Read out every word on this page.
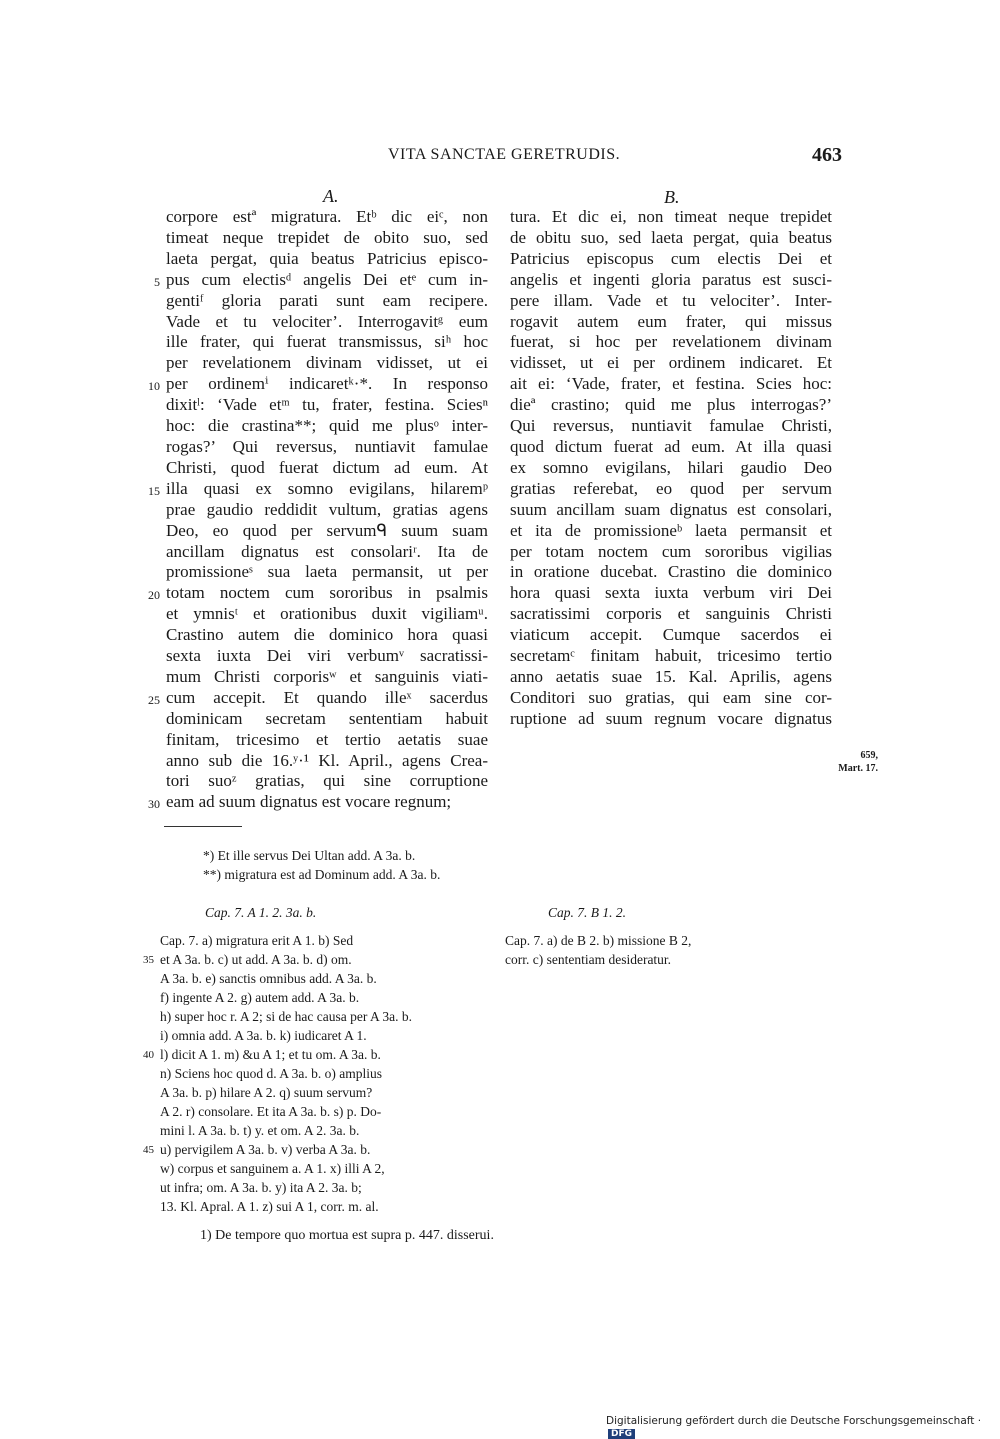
VITA SANCTAE GERETRUDIS.	463
A.	B.
corpore estª migratura. Etᵇ dic eiᶜ, non
timeat neque trepidet de obito suo, sed
laeta pergat, quia beatus Patricius episco-
5 pus cum electisᵈ angelis Dei etᵉ cum in-
gentiᶠ gloria parati sunt eam recipere.
Vade et tu velociter’. Interrogavitᵍ eum
ille frater, qui fuerat transmissus, siʰ hoc
per revelationem divinam vidisset, ut ei
10 per ordinemⁱ indicaretᵏ·*. In responso
dixitˡ: ‘Vade etᵐ tu, frater, festina. Sciesⁿ
hoc: die crastina**; quid me plusᵒ inter-
rogas?’ Qui reversus, nuntiavit famulae
Christi, quod fuerat dictum ad eum. At
15 illa quasi ex somno evigilans, hilaremᵖ
prae gaudio reddidit vultum, gratias agens
Deo, eo quod per servumᑫ suum suam
ancillam dignatus est consolariʳ. Ita de
promissioneˢ sua laeta permansit, ut per
20 totam noctem cum sororibus in psalmis
et ymnisᵗ et orationibus duxit vigiliamᵘ.
Crastino autem die dominico hora quasi
sexta iuxta Dei viri verbumᵛ sacratissi-
mum Christi corporisʷ et sanguinis viati-
25 cum accepit. Et quando illeˣ sacerdus
dominicam secretam sententiam habuit
finitam, tricesimo et tertio aetatis suae
anno sub die 16.ʸ·¹ Kl. April., agens Crea-
tori suoᶻ gratias, qui sine corruptione
30 eam ad suum dignatus est vocare regnum;
tura. Et dic ei, non timeat neque trepidet
de obitu suo, sed laeta pergat, quia beatus
Patricius episcopus cum electis Dei et
angelis et ingenti gloria paratus est susci-
pere illam. Vade et tu velociter’. Inter-
rogavit autem eum frater, qui missus
fuerat, si hoc per revelationem divinam
vidisset, ut ei per ordinem indicaret. Et
ait ei: ‘Vade, frater, et festina. Scies hoc:
dieª crastino; quid me plus interrogas?’
Qui reversus, nuntiavit famulae Christi,
quod dictum fuerat ad eum. At illa quasi
ex somno evigilans, hilari gaudio Deo
gratias referebat, eo quod per servum
suum ancillam suam dignatus est consolari,
et ita de promissioneᵇ laeta permansit et
per totam noctem cum sororibus vigilias
in oratione ducebat. Crastino die dominico
hora quasi sexta iuxta verbum viri Dei
sacratissimi corporis et sanguinis Christi
viaticum accepit. Cumque sacerdos ei
secretamᶜ finitam habuit, tricesimo tertio
anno aetatis suae 15. Kal. Aprilis, agens
Conditori suo gratias, qui eam sine cor-
ruptione ad suum regnum vocare dignatus
659,
Mart. 17.
*) Et ille servus Dei Ultan add. A 3a. b.
**) migratura est ad Dominum add. A 3a. b.
Cap. 7. A 1. 2. 3a. b.	Cap. 7. B 1. 2.
Cap. 7. a) migratura erit A 1. b) Sed
35 et A 3a. b. c) ut add. A 3a. b. d) om.
A 3a. b. e) sanctis omnibus add. A 3a. b.
f) ingente A 2. g) autem add. A 3a. b.
h) super hoc r. A 2; si de hac causa per A 3a. b.
i) omnia add. A 3a. b. k) iudicaret A 1.
40 l) dicit A 1. m) &u A 1; et tu om. A 3a. b.
n) Sciens hoc quod d. A 3a. b. o) amplius
A 3a. b. p) hilare A 2. q) suum servum?
A 2. r) consolare. Et ita A 3a. b. s) p. Do-
mini l. A 3a. b. t) y. et om. A 2. 3a. b.
45 u) pervigilem A 3a. b. v) verba A 3a. b.
w) corpus et sanguinem a. A 1. x) illi A 2,
ut infra; om. A 3a. b. y) ita A 2. 3a. b;
13. Kl. Apral. A 1. z) sui A 1, corr. m. al.
Cap. 7. a) de B 2. b) missione B 2,
corr. c) sententiam desideratur.
1) De tempore quo mortua est supra p. 447. disserui.
Digitalisierung gefördert durch die Deutsche Forschungsgemeinschaft ·DFG
